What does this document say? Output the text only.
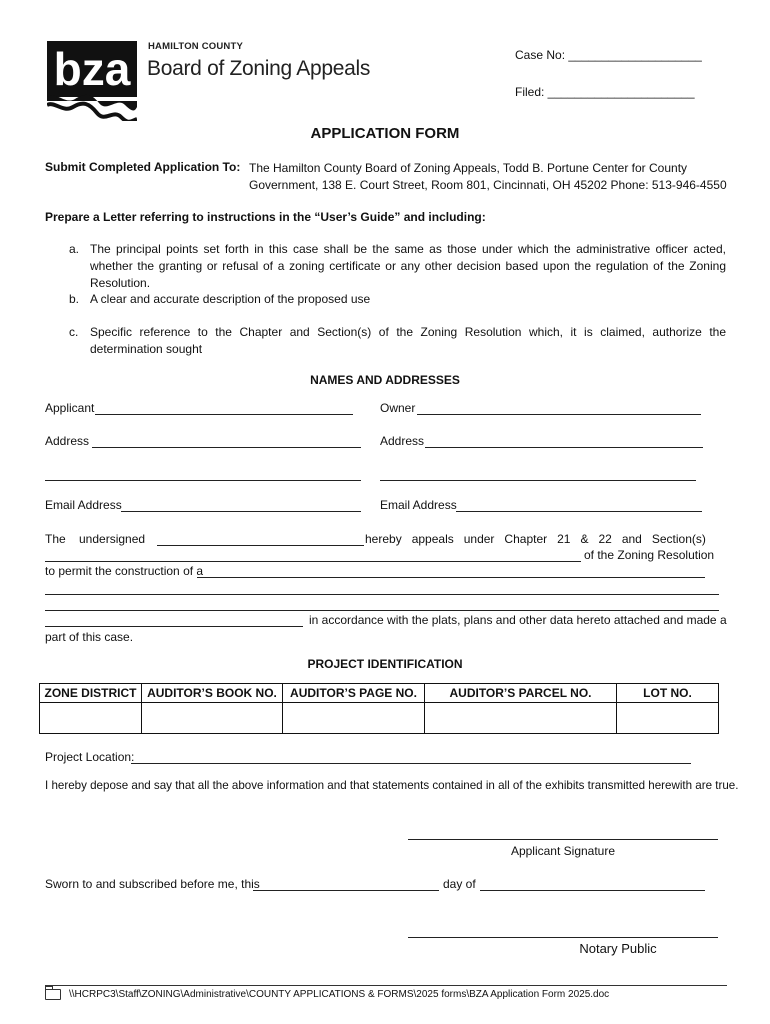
bza HAMILTON COUNTY
Board of Zoning Appeals
Case No: ____________________
Filed: ______________________
APPLICATION FORM
Submit Completed Application To: The Hamilton County Board of Zoning Appeals, Todd B. Portune Center for County Government, 138 E. Court Street, Room 801, Cincinnati, OH 45202 Phone: 513-946-4550
Prepare a Letter referring to instructions in the “User’s Guide” and including:
a. The principal points set forth in this case shall be the same as those under which the administrative officer acted, whether the granting or refusal of a zoning certificate or any other decision based upon the regulation of the Zoning Resolution.
b. A clear and accurate description of the proposed use
c. Specific reference to the Chapter and Section(s) of the Zoning Resolution which, it is claimed, authorize the determination sought
NAMES AND ADDRESSES
Applicant	Owner
Address	Address
Email Address	Email Address
The undersigned	hereby   appeals   under   Chapter   21   &   22   and   Section(s)
of the Zoning Resolution
to permit the construction of a
in accordance with the plats, plans and other data hereto attached and made a
part of this case.
PROJECT IDENTIFICATION
ZONE DISTRICT	AUDITOR’S BOOK NO.	AUDITOR’S PAGE NO.	AUDITOR’S PARCEL NO.	LOT NO.

Project Location:
I hereby depose and say that all the above information and that statements contained in all of the exhibits transmitted herewith are true.
Applicant Signature
Sworn to and subscribed before me, this	day of
Notary Public
\\HCRPC3\Staff\ZONING\Administrative\COUNTY APPLICATIONS & FORMS\2025 forms\BZA Application Form 2025.doc
